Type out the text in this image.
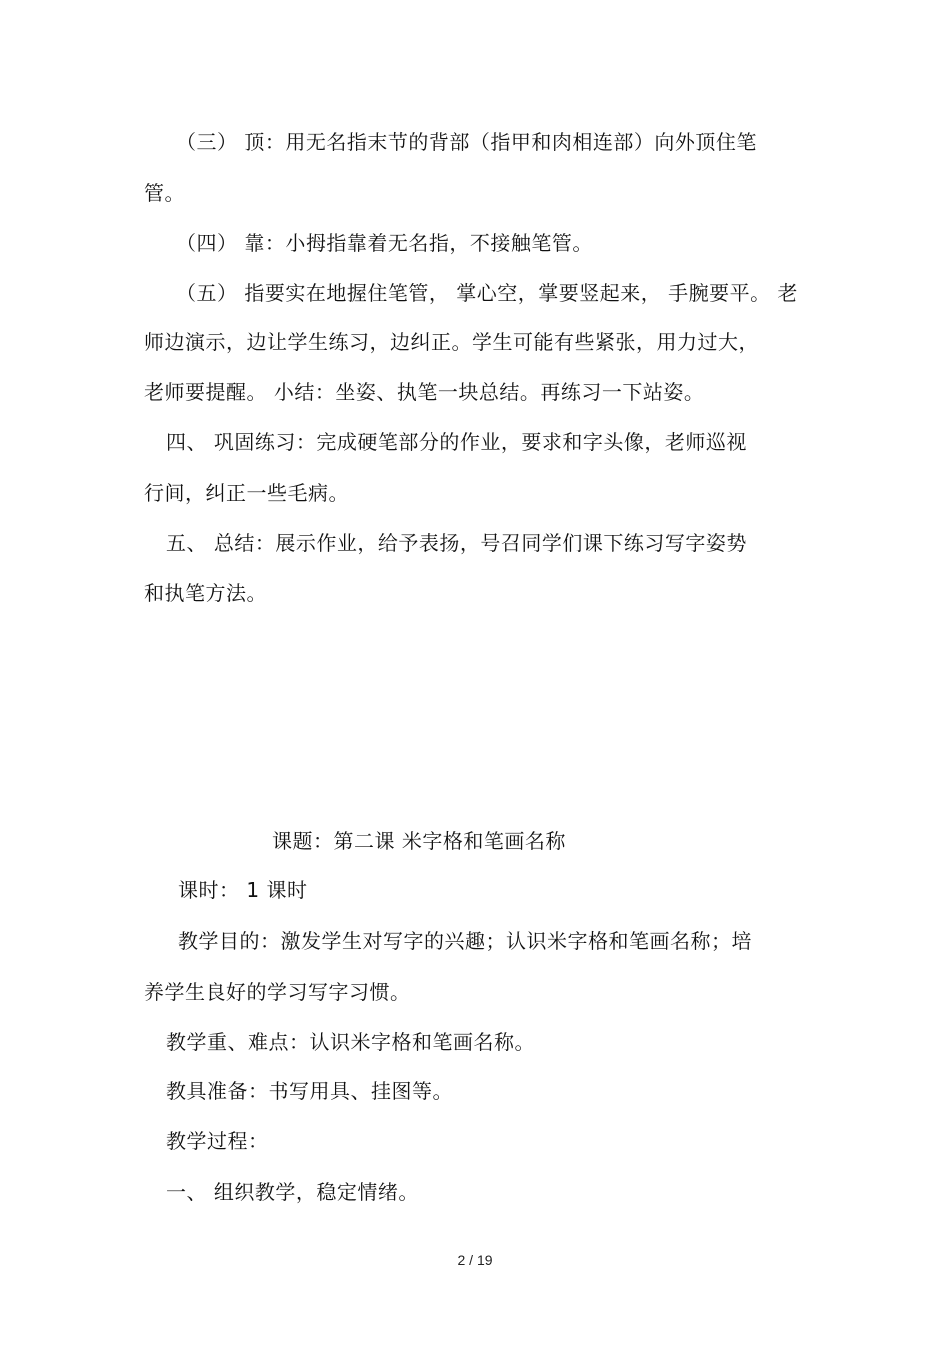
（三） 顶：用无名指末节的背部（指甲和肉相连部）向外顶住笔
管。
（四） 靠：小拇指靠着无名指，不接触笔管。
（五） 指要实在地握住笔管， 掌心空，掌要竖起来， 手腕要平。 老
师边演示，边让学生练习，边纠正。学生可能有些紧张，用力过大，
老师要提醒。 小结：坐姿、执笔一块总结。再练习一下站姿。
四、 巩固练习：完成硬笔部分的作业，要求和字头像，老师巡视
行间，纠正一些毛病。
五、 总结：展示作业，给予表扬，号召同学们课下练习写字姿势
和执笔方法。
课题：第二课 米字格和笔画名称
课时： 1 课时
教学目的：激发学生对写字的兴趣；认识米字格和笔画名称；培
养学生良好的学习写字习惯。
教学重、难点：认识米字格和笔画名称。
教具准备：书写用具、挂图等。
教学过程：
一、 组织教学，稳定情绪。
2 / 19
